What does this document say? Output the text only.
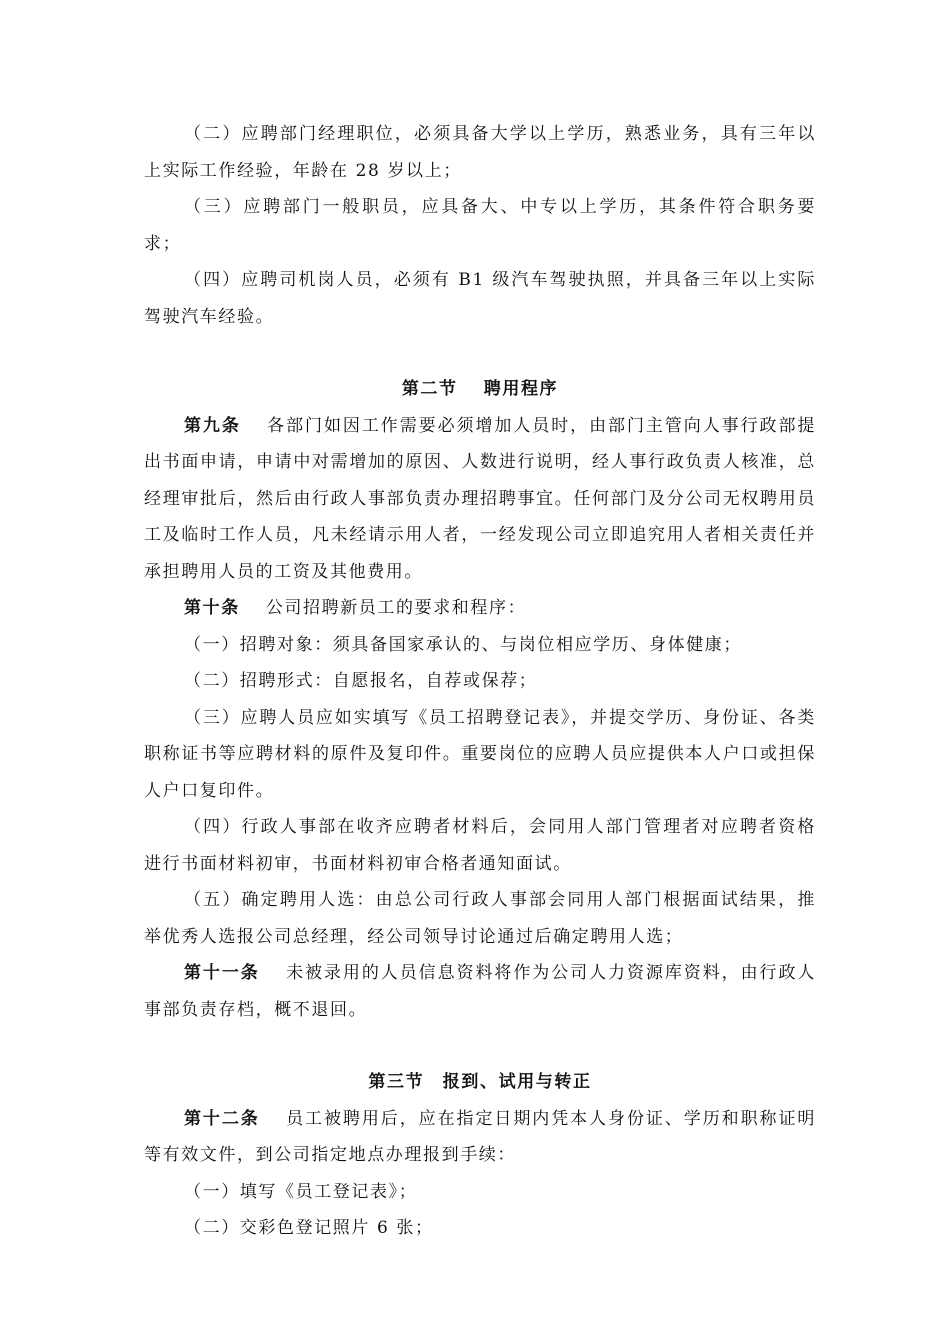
（二）应聘部门经理职位，必须具备大学以上学历，熟悉业务，具有三年以上实际工作经验，年龄在 28 岁以上；

（三）应聘部门一般职员，应具备大、中专以上学历，其条件符合职务要求；

（四）应聘司机岗人员，必须有 B1 级汽车驾驶执照，并具备三年以上实际驾驶汽车经验。

第二节　 聘用程序

第九条 各部门如因工作需要必须增加人员时，由部门主管向人事行政部提出书面申请，申请中对需增加的原因、人数进行说明，经人事行政负责人核准，总经理审批后，然后由行政人事部负责办理招聘事宜。任何部门及分公司无权聘用员工及临时工作人员，凡未经请示用人者，一经发现公司立即追究用人者相关责任并承担聘用人员的工资及其他费用。

第十条 公司招聘新员工的要求和程序：

（一）招聘对象：须具备国家承认的、与岗位相应学历、身体健康；

（二）招聘形式：自愿报名，自荐或保荐；

（三）应聘人员应如实填写《员工招聘登记表》，并提交学历、身份证、各类职称证书等应聘材料的原件及复印件。重要岗位的应聘人员应提供本人户口或担保人户口复印件。

（四）行政人事部在收齐应聘者材料后，会同用人部门管理者对应聘者资格进行书面材料初审，书面材料初审合格者通知面试。

（五）确定聘用人选：由总公司行政人事部会同用人部门根据面试结果，推举优秀人选报公司总经理，经公司领导讨论通过后确定聘用人选；

第十一条 未被录用的人员信息资料将作为公司人力资源库资料，由行政人事部负责存档，概不退回。

第三节　报到、试用与转正

第十二条 员工被聘用后，应在指定日期内凭本人身份证、学历和职称证明等有效文件，到公司指定地点办理报到手续：

（一）填写《员工登记表》；

（二）交彩色登记照片 6 张；
